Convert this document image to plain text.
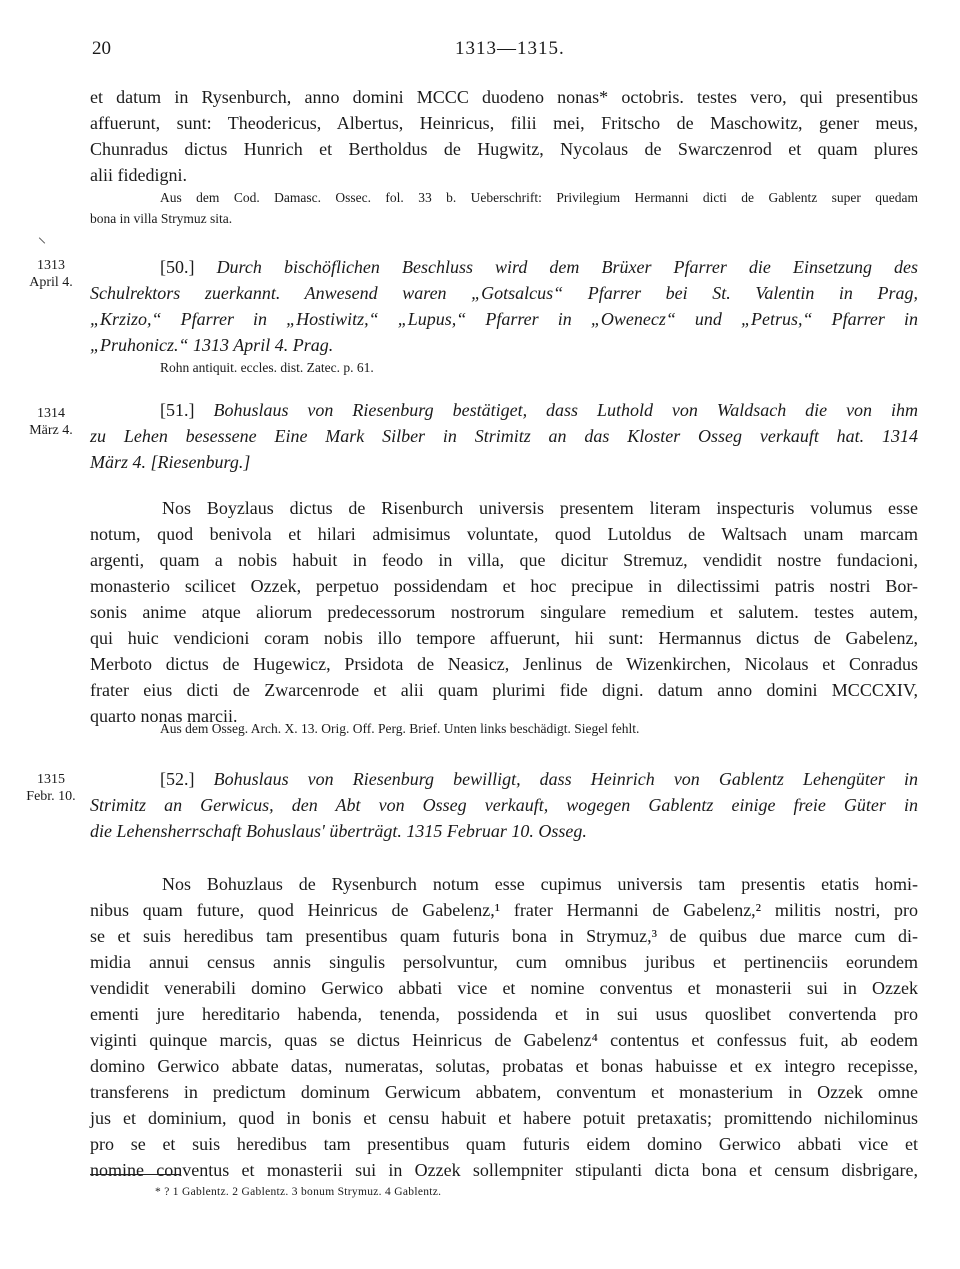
20	1313—1315.
et datum in Rysenburch, anno domini MCCC duodeno nonas* octobris. testes vero, qui presentibus
affuerunt, sunt: Theodericus, Albertus, Heinricus, filii mei, Fritscho de Maschowitz, gener meus,
Chunradus dictus Hunrich et Bertholdus de Hugwitz, Nycolaus de Swarczenrod et quam plures
alii fidedigni.
Aus dem Cod. Damasc. Ossec. fol. 33 b. Ueberschrift: Privilegium Hermanni dicti de Gablentz super quedam
bona in villa Strymuz sita.
1313
April 4.
[50.] Durch bischöflichen Beschluss wird dem Brüxer Pfarrer die Einsetzung des
Schulrektors zuerkannt. Anwesend waren „Gotsalcus“ Pfarrer bei St. Valentin in Prag,
„Krzizo,“ Pfarrer in „Hostiwitz,“ „Lupus,“ Pfarrer in „Owenecz“ und „Petrus,“ Pfarrer in
„Pruhonicz.“ 1313 April 4. Prag.
Rohn antiquit. eccles. dist. Zatec. p. 61.
1314
März 4.
[51.] Bohuslaus von Riesenburg bestätiget, dass Luthold von Waldsach die von ihm
zu Lehen besessene Eine Mark Silber in Strimitz an das Kloster Osseg verkauft hat. 1314
März 4. [Riesenburg.]
Nos Boyzlaus dictus de Risenburch universis presentem literam inspecturis volumus esse
notum, quod benivola et hilari admisimus voluntate, quod Lutoldus de Waltsach unam marcam
argenti, quam a nobis habuit in feodo in villa, que dicitur Stremuz, vendidit nostre fundacioni,
monasterio scilicet Ozzek, perpetuo possidendam et hoc precipue in dilectissimi patris nostri Bor-
sonis anime atque aliorum predecessorum nostrorum singulare remedium et salutem. testes autem,
qui huic vendicioni coram nobis illo tempore affuerunt, hii sunt: Hermannus dictus de Gabelenz,
Merboto dictus de Hugewicz, Prsidota de Neasicz, Jenlinus de Wizenkirchen, Nicolaus et Conradus
frater eius dicti de Zwarcenrode et alii quam plurimi fide digni. datum anno domini MCCCXIV,
quarto nonas marcii.
Aus dem Osseg. Arch. X. 13. Orig. Off. Perg. Brief. Unten links beschädigt. Siegel fehlt.
1315
Febr. 10.
[52.] Bohuslaus von Riesenburg bewilligt, dass Heinrich von Gablentz Lehengüter in
Strimitz an Gerwicus, den Abt von Osseg verkauft, wogegen Gablentz einige freie Güter in
die Lehensherrschaft Bohuslaus' überträgt. 1315 Februar 10. Osseg.
Nos Bohuzlaus de Rysenburch notum esse cupimus universis tam presentis etatis homi-
nibus quam future, quod Heinricus de Gabelenz,¹ frater Hermanni de Gabelenz,² militis nostri, pro
se et suis heredibus tam presentibus quam futuris bona in Strymuz,³ de quibus due marce cum di-
midia annui census annis singulis persolvuntur, cum omnibus juribus et pertinenciis eorundem
vendidit venerabili domino Gerwico abbati vice et nomine conventus et monasterii sui in Ozzek
ementi jure hereditario habenda, tenenda, possidenda et in sui usus quoslibet convertenda pro
viginti quinque marcis, quas se dictus Heinricus de Gabelenz⁴ contentus et confessus fuit, ab eodem
domino Gerwico abbate datas, numeratas, solutas, probatas et bonas habuisse et ex integro recepisse,
transferens in predictum dominum Gerwicum abbatem, conventum et monasterium in Ozzek omne
jus et dominium, quod in bonis et censu habuit et habere potuit pretaxatis; promittendo nichilominus
pro se et suis heredibus tam presentibus quam futuris eidem domino Gerwico abbati vice et
nomine conventus et monasterii sui in Ozzek sollempniter stipulanti dicta bona et censum disbrigare,
* ? 1 Gablentz. 2 Gablentz. 3 bonum Strymuz. 4 Gablentz.
